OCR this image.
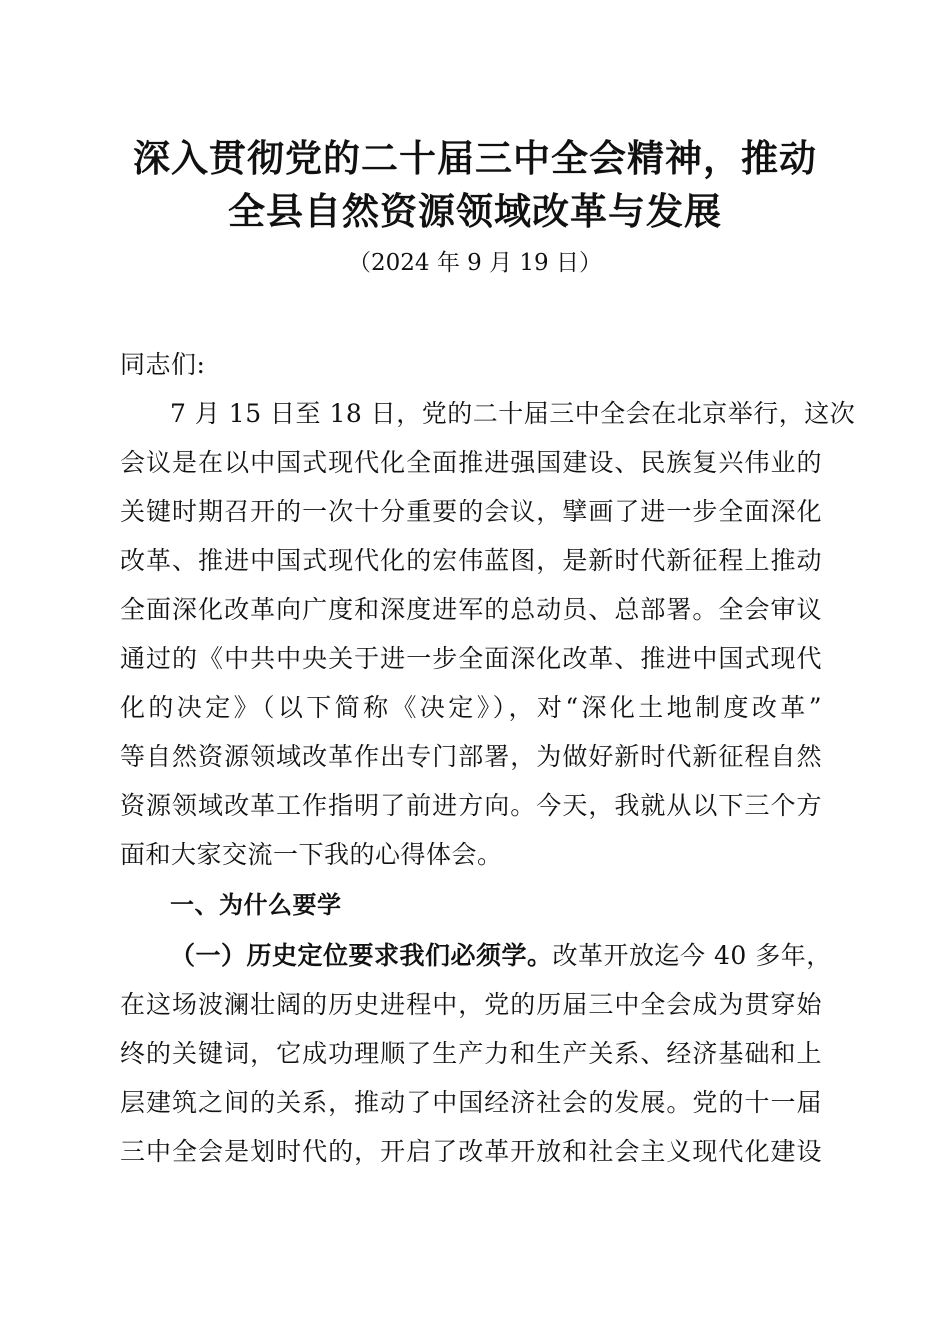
深入贯彻党的二十届三中全会精神，推动
全县自然资源领域改革与发展
（2024 年 9 月 19 日）
同志们:
7 月 15 日至 18 日，党的二十届三中全会在北京举行，这次
会议是在以中国式现代化全面推进强国建设、民族复兴伟业的
关键时期召开的一次十分重要的会议，擘画了进一步全面深化
改革、推进中国式现代化的宏伟蓝图，是新时代新征程上推动
全面深化改革向广度和深度进军的总动员、总部署。全会审议
通过的《中共中央关于进一步全面深化改革、推进中国式现代
化的决定》（以下简称《决定》），对“深化土地制度改革”
等自然资源领域改革作出专门部署，为做好新时代新征程自然
资源领域改革工作指明了前进方向。今天，我就从以下三个方
面和大家交流一下我的心得体会。
一、为什么要学
（一）历史定位要求我们必须学。改革开放迄今 40 多年，
在这场波澜壮阔的历史进程中，党的历届三中全会成为贯穿始
终的关键词，它成功理顺了生产力和生产关系、经济基础和上
层建筑之间的关系，推动了中国经济社会的发展。党的十一届
三中全会是划时代的，开启了改革开放和社会主义现代化建设
